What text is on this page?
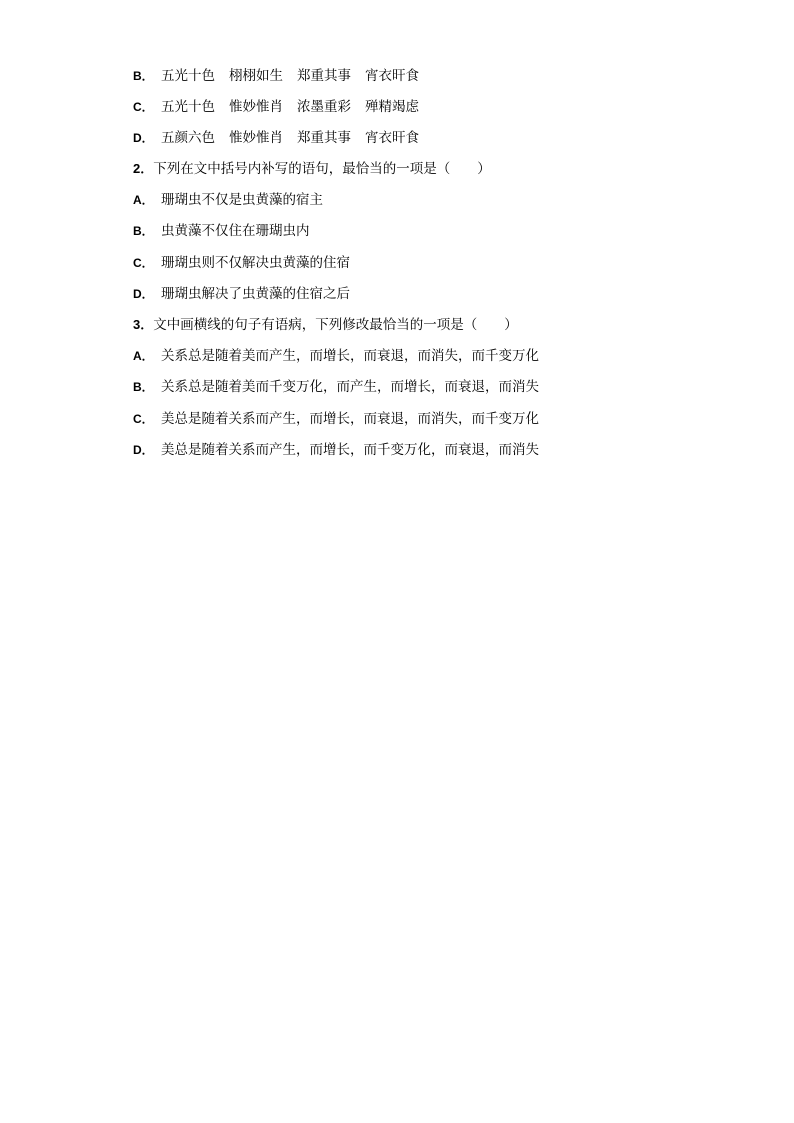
B． 五光十色 栩栩如生 郑重其事 宵衣旰食
C． 五光十色 惟妙惟肖 浓墨重彩 殚精竭虑
D． 五颜六色 惟妙惟肖 郑重其事 宵衣旰食
2．下列在文中括号内补写的语句，最恰当的一项是（　　）
A． 珊瑚虫不仅是虫黄藻的宿主
B． 虫黄藻不仅住在珊瑚虫内
C． 珊瑚虫则不仅解决虫黄藻的住宿
D． 珊瑚虫解决了虫黄藻的住宿之后
3．文中画横线的句子有语病，下列修改最恰当的一项是（　　）
A． 关系总是随着美而产生，而增长，而衰退，而消失，而千变万化
B． 关系总是随着美而千变万化，而产生，而增长，而衰退，而消失
C． 美总是随着关系而产生，而增长，而衰退，而消失，而千变万化
D． 美总是随着关系而产生，而增长，而千变万化，而衰退，而消失
